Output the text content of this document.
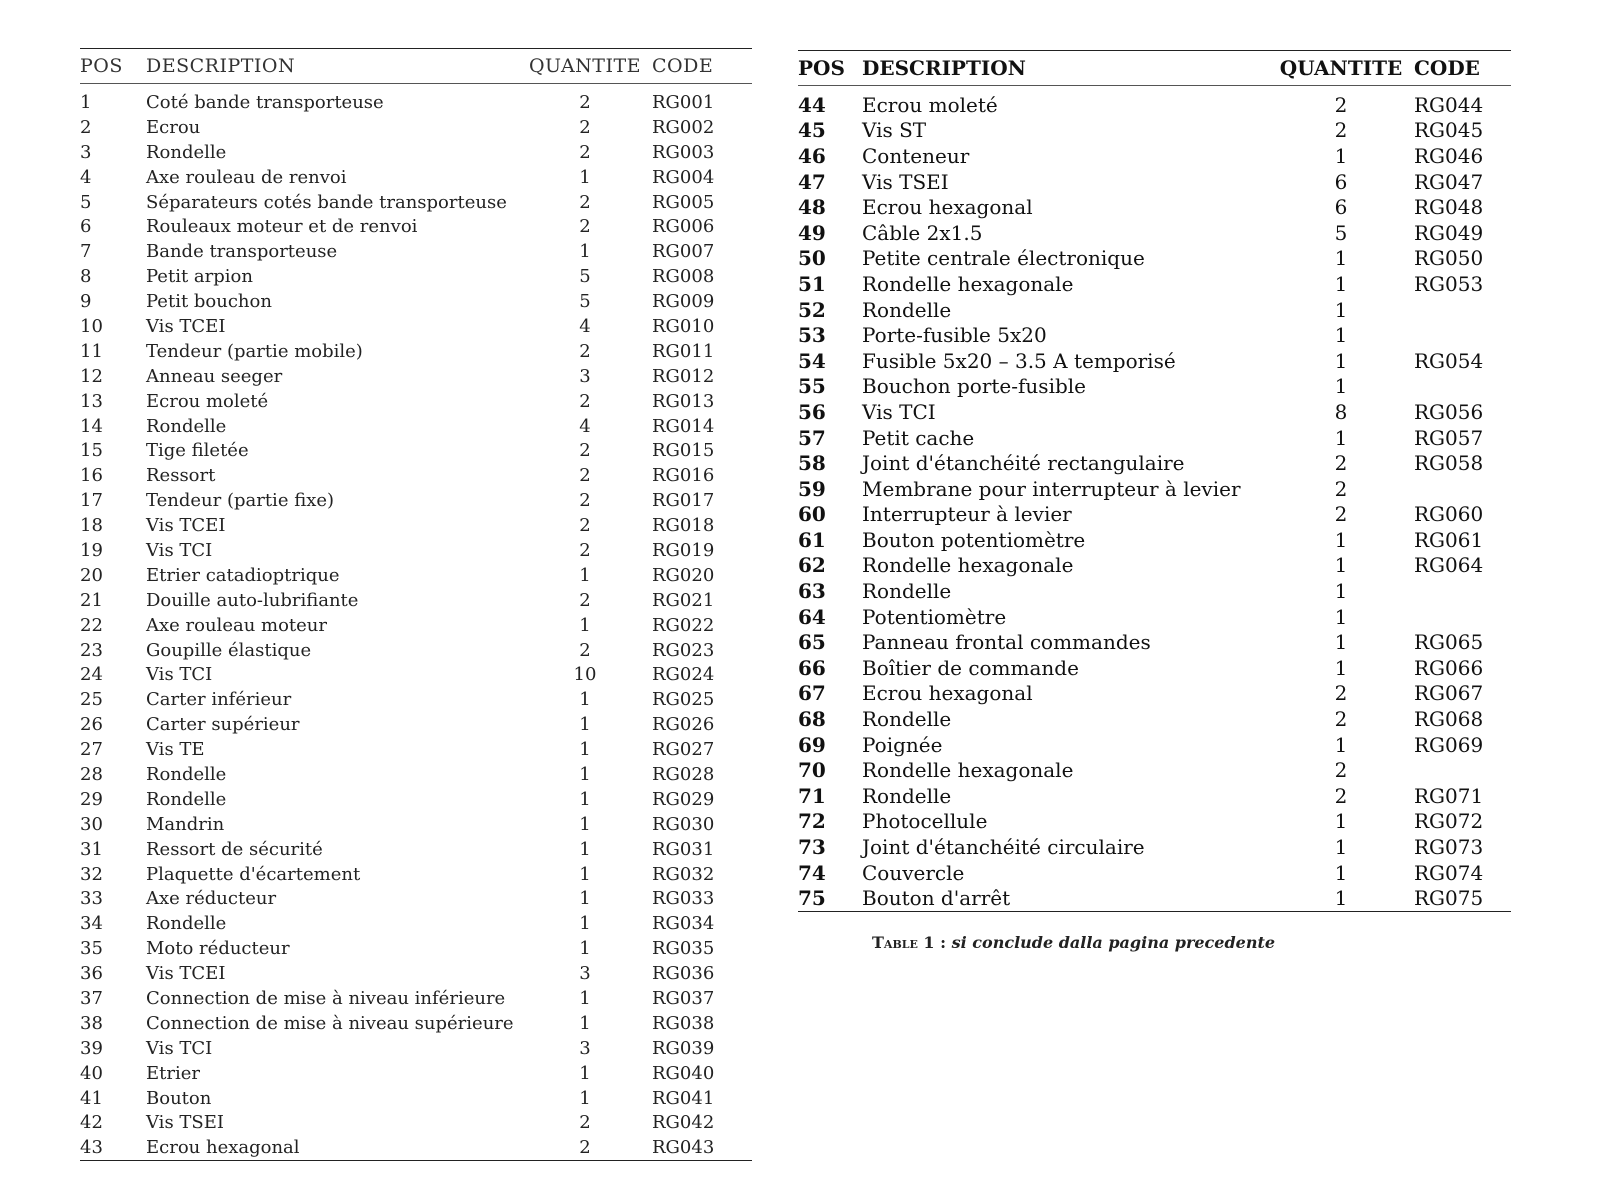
POS	DESCRIPTION	QUANTITE	CODE
1	Coté bande transporteuse	2	RG001
2	Ecrou	2	RG002
3	Rondelle	2	RG003
4	Axe rouleau de renvoi	1	RG004
5	Séparateurs cotés bande transporteuse	2	RG005
6	Rouleaux moteur et de renvoi	2	RG006
7	Bande transporteuse	1	RG007
8	Petit arpion	5	RG008
9	Petit bouchon	5	RG009
10	Vis TCEI	4	RG010
11	Tendeur (partie mobile)	2	RG011
12	Anneau seeger	3	RG012
13	Ecrou moleté	2	RG013
14	Rondelle	4	RG014
15	Tige filetée	2	RG015
16	Ressort	2	RG016
17	Tendeur (partie fixe)	2	RG017
18	Vis TCEI	2	RG018
19	Vis TCI	2	RG019
20	Etrier catadioptrique	1	RG020
21	Douille auto-lubrifiante	2	RG021
22	Axe rouleau moteur	1	RG022
23	Goupille élastique	2	RG023
24	Vis TCI	10	RG024
25	Carter inférieur	1	RG025
26	Carter supérieur	1	RG026
27	Vis TE	1	RG027
28	Rondelle	1	RG028
29	Rondelle	1	RG029
30	Mandrin	1	RG030
31	Ressort de sécurité	1	RG031
32	Plaquette d'écartement	1	RG032
33	Axe réducteur	1	RG033
34	Rondelle	1	RG034
35	Moto réducteur	1	RG035
36	Vis TCEI	3	RG036
37	Connection de mise à niveau inférieure	1	RG037
38	Connection de mise à niveau supérieure	1	RG038
39	Vis TCI	3	RG039
40	Etrier	1	RG040
41	Bouton	1	RG041
42	Vis TSEI	2	RG042
43	Ecrou hexagonal	2	RG043

POS	DESCRIPTION	QUANTITE	CODE
44	Ecrou moleté	2	RG044
45	Vis ST	2	RG045
46	Conteneur	1	RG046
47	Vis TSEI	6	RG047
48	Ecrou hexagonal	6	RG048
49	Câble 2x1.5	5	RG049
50	Petite centrale électronique	1	RG050
51	Rondelle hexagonale	1	RG053
52	Rondelle	1	
53	Porte-fusible 5x20	1	
54	Fusible 5x20 – 3.5 A temporisé	1	RG054
55	Bouchon porte-fusible	1	
56	Vis TCI	8	RG056
57	Petit cache	1	RG057
58	Joint d'étanchéité rectangulaire	2	RG058
59	Membrane pour interrupteur à levier	2	
60	Interrupteur à levier	2	RG060
61	Bouton potentiomètre	1	RG061
62	Rondelle hexagonale	1	RG064
63	Rondelle	1	
64	Potentiomètre	1	
65	Panneau frontal commandes	1	RG065
66	Boîtier de commande	1	RG066
67	Ecrou hexagonal	2	RG067
68	Rondelle	2	RG068
69	Poignée	1	RG069
70	Rondelle hexagonale	2	
71	Rondelle	2	RG071
72	Photocellule	1	RG072
73	Joint d'étanchéité circulaire	1	RG073
74	Couvercle	1	RG074
75	Bouton d'arrêt	1	RG075

Table 1 : si conclude dalla pagina precedente
